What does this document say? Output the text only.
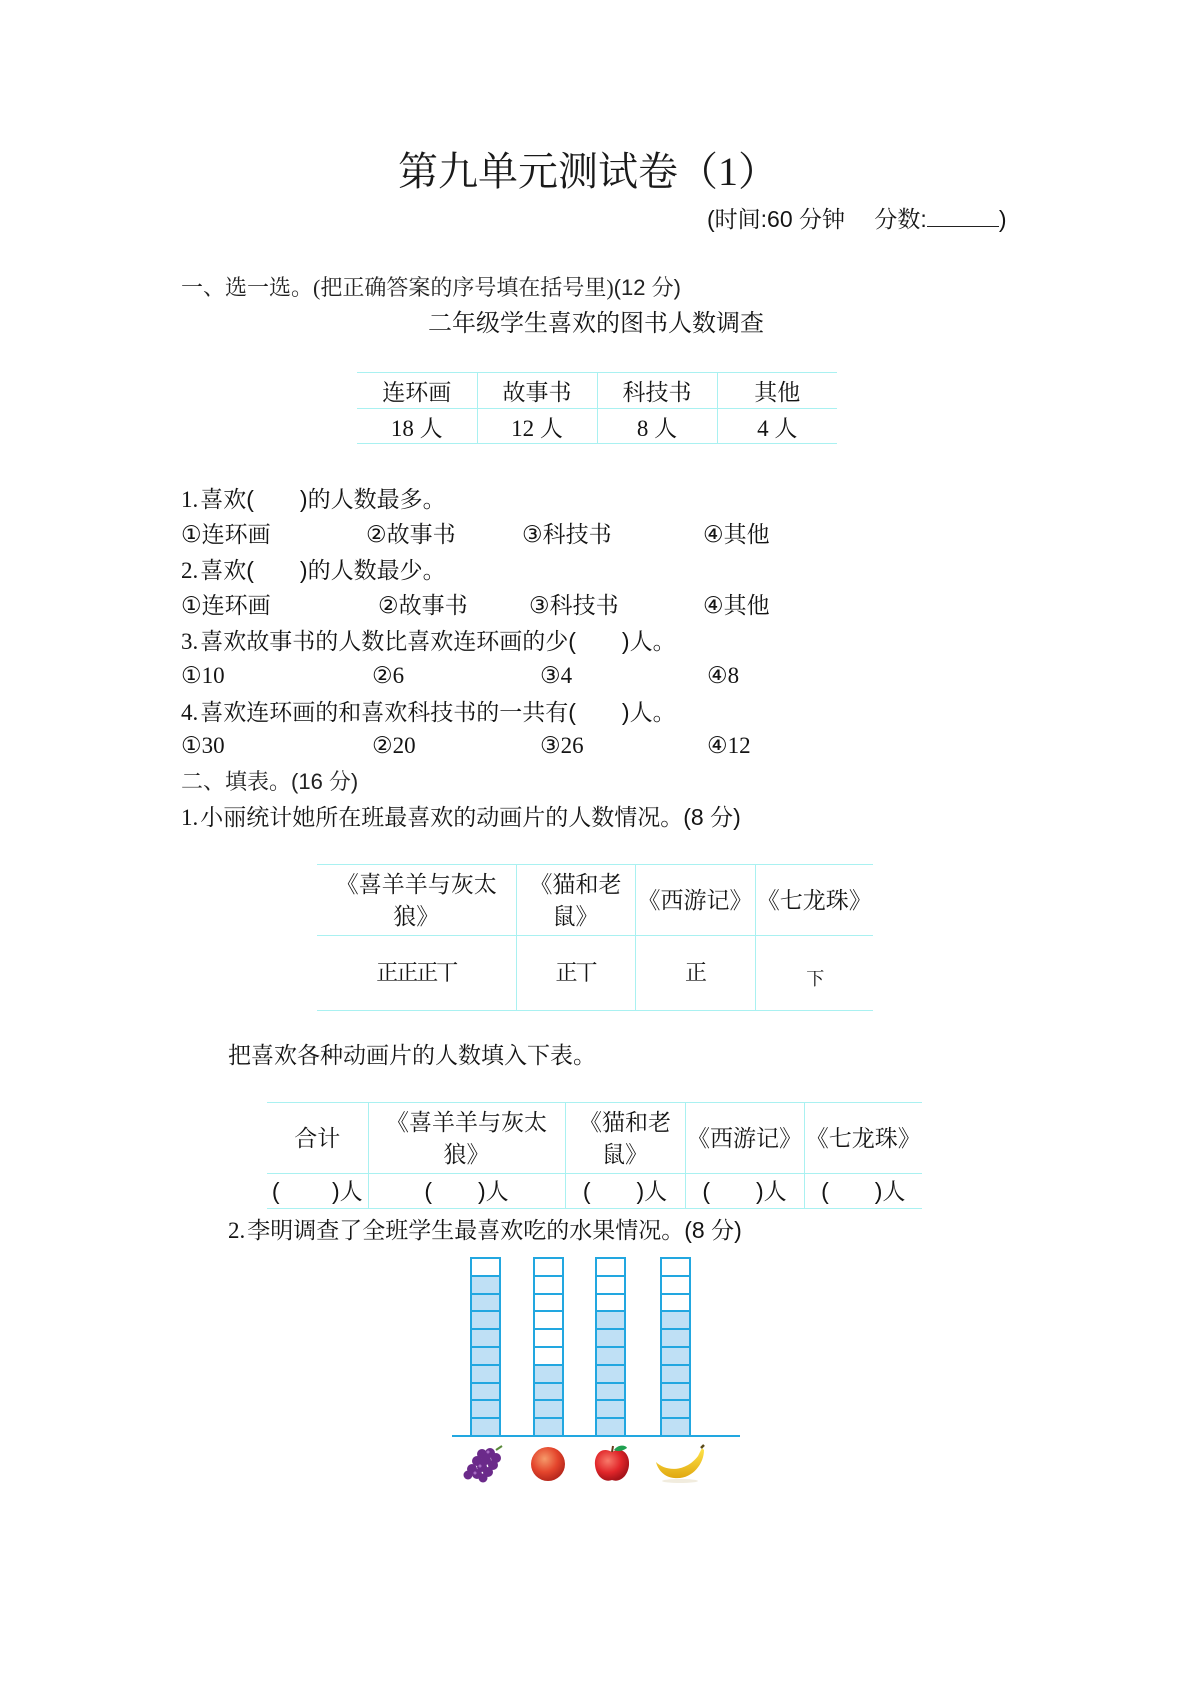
第九单元测试卷（1）
(时间:60 分钟　 分数:	)
一、选一选。(把正确答案的序号填在括号里)(12 分)
二年级学生喜欢的图书人数调查
连环画	故事书	科技书	其他
18 人	12 人	8 人	4 人
1.喜欢(　　)的人数最多。
①连环画	②故事书	③科技书	④其他
2.喜欢(　　)的人数最少。
①连环画	②故事书	③科技书	④其他
3.喜欢故事书的人数比喜欢连环画的少(　　)人。
①10	②6	③4	④8
4.喜欢连环画的和喜欢科技书的一共有(　　)人。
①30	②20	③26	④12
二、填表。(16 分)
1.小丽统计她所在班最喜欢的动画片的人数情况。(8 分)
《喜羊羊与灰太狼》	《猫和老鼠》	《西游记》	《七龙珠》
正正正丅	正丅	正	下
把喜欢各种动画片的人数填入下表。
合计	《喜羊羊与灰太狼》	《猫和老鼠》	《西游记》	《七龙珠》
(　　 )人	(　　)人	(　　)人	(　　)人	(　　)人
2.李明调查了全班学生最喜欢吃的水果情况。(8 分)
